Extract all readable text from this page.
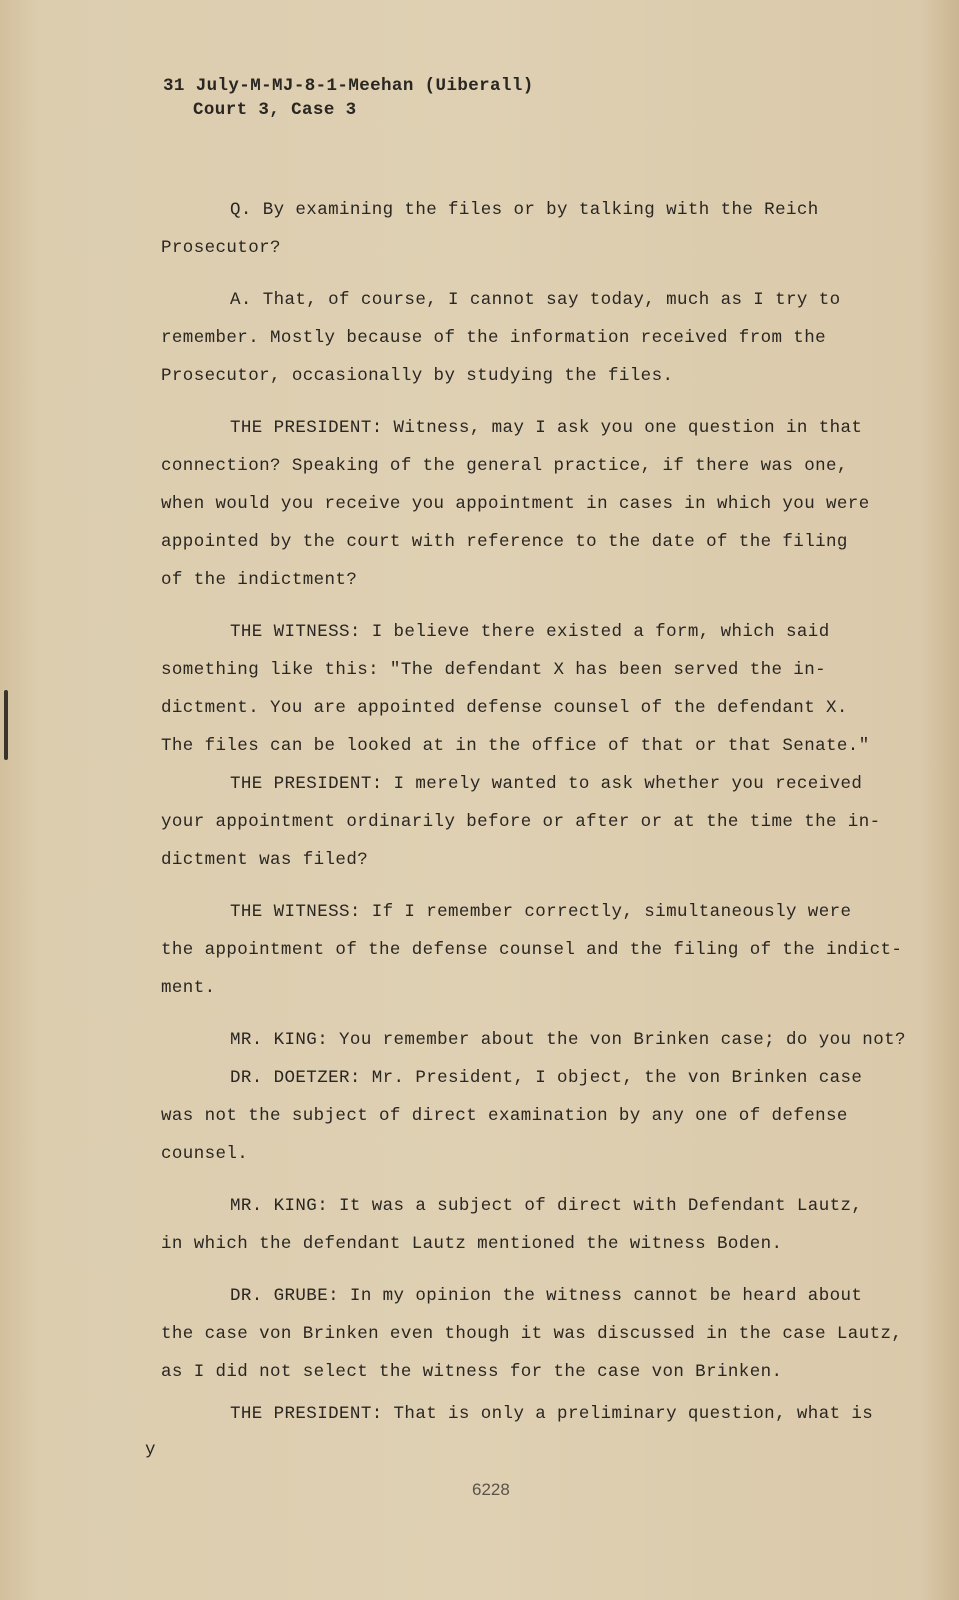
31 July-M-MJ-8-1-Meehan (Uiberall)
Court 3, Case 3
Q. By examining the files or by talking with the Reich
Prosecutor?
A. That, of course, I cannot say today, much as I try to
remember. Mostly because of the information received from the
Prosecutor, occasionally by studying the files.
THE PRESIDENT: Witness, may I ask you one question in that
connection? Speaking of the general practice, if there was one,
when would you receive you appointment in cases in which you were
appointed by the court with reference to the date of the filing
of the indictment?
THE WITNESS: I believe there existed a form, which said
something like this: "The defendant X has been served the in-
dictment. You are appointed defense counsel of the defendant X.
The files can be looked at in the office of that or that Senate."
THE PRESIDENT: I merely wanted to ask whether you received
your appointment ordinarily before or after or at the time the in-
dictment was filed?
THE WITNESS: If I remember correctly, simultaneously were
the appointment of the defense counsel and the filing of the indict-
ment.
MR. KING: You remember about the von Brinken case; do you not?
DR. DOETZER: Mr. President, I object, the von Brinken case
was not the subject of direct examination by any one of defense
counsel.
MR. KING: It was a subject of direct with Defendant Lautz,
in which the defendant Lautz mentioned the witness Boden.
DR. GRUBE: In my opinion the witness cannot be heard about
the case von Brinken even though it was discussed in the case Lautz,
as I did not select the witness for the case von Brinken.
THE PRESIDENT: That is only a preliminary question, what is
y
6228
